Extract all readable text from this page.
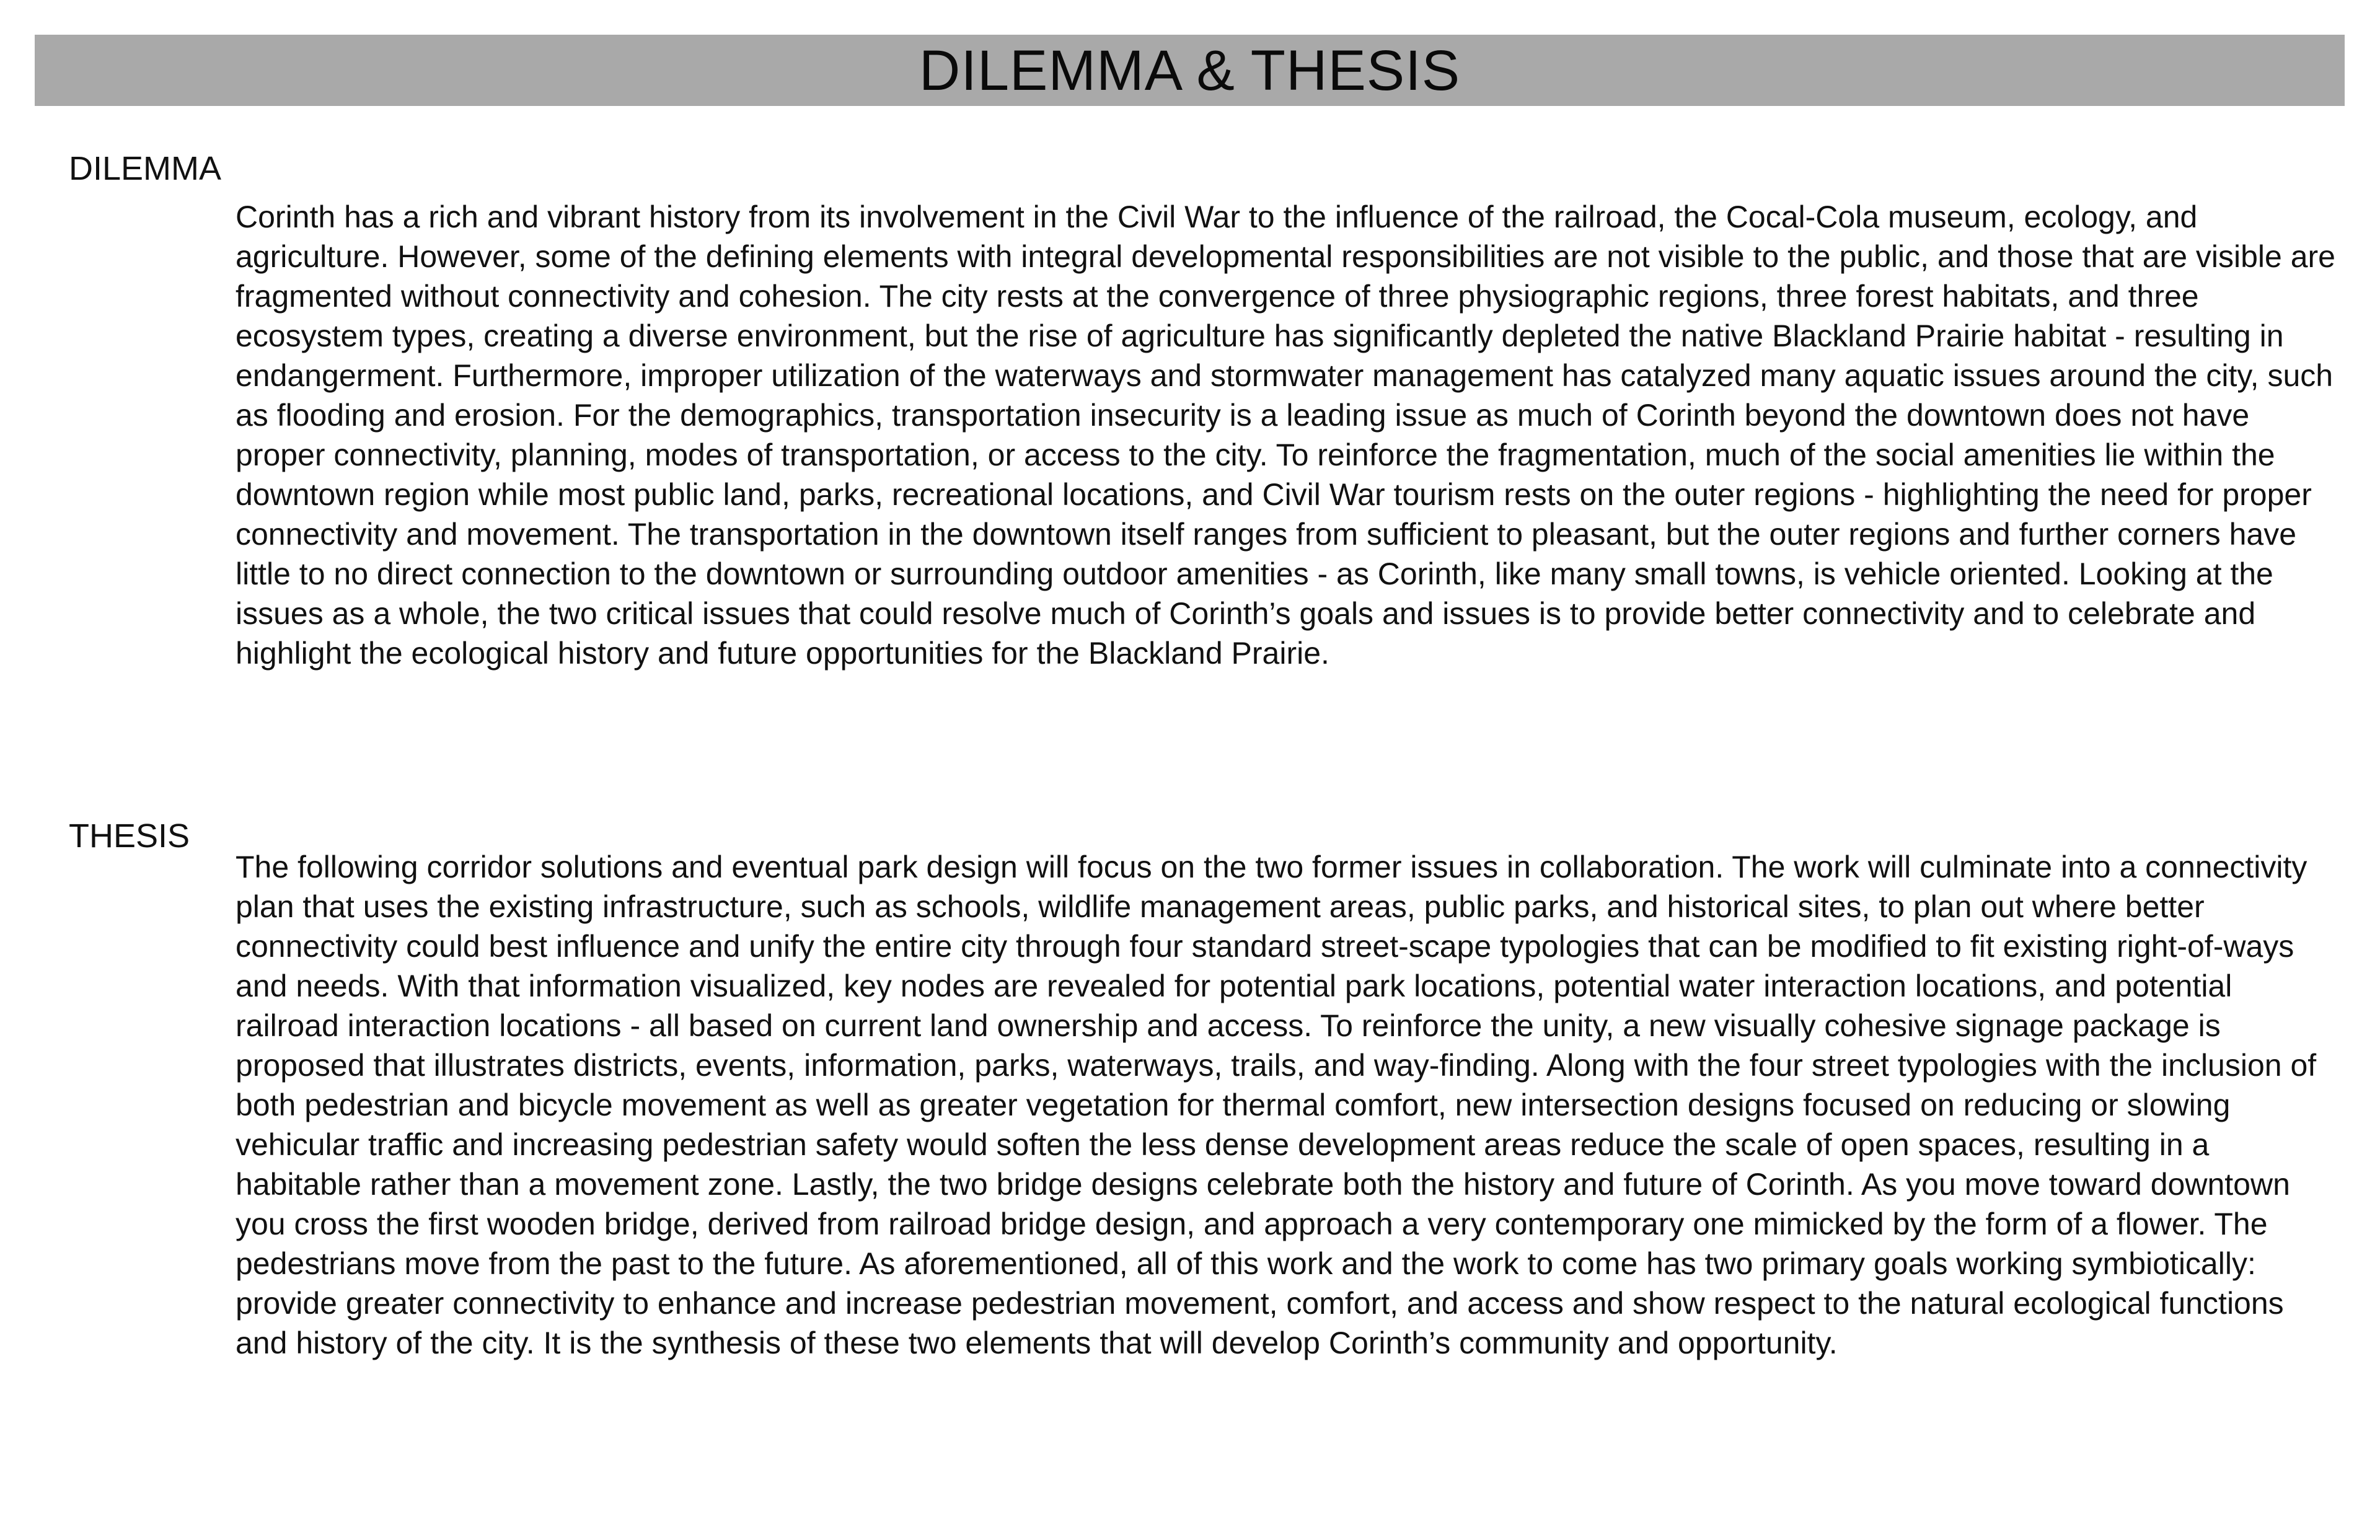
DILEMMA & THESIS
DILEMMA

Corinth has a rich and vibrant history from its involvement in the Civil War to the influence of the railroad, the Cocal-Cola museum, ecology, and agriculture. However, some of the defining elements with integral developmental responsibilities are not visible to the public, and those that are visible are fragmented without connectivity and cohesion. The city rests at the convergence of three physiographic regions, three forest habitats, and three ecosystem types, creating a diverse environment, but the rise of agriculture has significantly depleted the native Blackland Prairie habitat - resulting in endangerment. Furthermore, improper utilization of the waterways and stormwater management has catalyzed many aquatic issues around the city, such as flooding and erosion. For the demographics, transportation insecurity is a leading issue as much of Corinth beyond the downtown does not have proper connectivity, planning, modes of transportation, or access to the city. To reinforce the fragmentation, much of the social amenities lie within the downtown region while most public land, parks, recreational locations, and Civil War tourism rests on the outer regions - highlighting the need for proper connectivity and movement. The transportation in the downtown itself ranges from sufficient to pleasant, but the outer regions and further corners have little to no direct connection to the downtown or surrounding outdoor amenities - as Corinth, like many small towns, is vehicle oriented. Looking at the issues as a whole, the two critical issues that could resolve much of Corinth’s goals and issues is to provide better connectivity and to celebrate and highlight the ecological history and future opportunities for the Blackland Prairie.

THESIS

The following corridor solutions and eventual park design will focus on the two former issues in collaboration. The work will culminate into a connectivity plan that uses the existing infrastructure, such as schools, wildlife management areas, public parks, and historical sites, to plan out where better connectivity could best influence and unify the entire city through four standard street-scape typologies that can be modified to fit existing right-of-ways and needs. With that information visualized, key nodes are revealed for potential park locations, potential water interaction locations, and potential railroad interaction locations - all based on current land ownership and access. To reinforce the unity, a new visually cohesive signage package is proposed that illustrates districts, events, information, parks, waterways, trails, and way-finding. Along with the four street typologies with the inclusion of both pedestrian and bicycle movement as well as greater vegetation for thermal comfort, new intersection designs focused on reducing or slowing vehicular traffic and increasing pedestrian safety would soften the less dense development areas reduce the scale of open spaces, resulting in a habitable rather than a movement zone. Lastly, the two bridge designs celebrate both the history and future of Corinth. As you move toward downtown you cross the first wooden bridge, derived from railroad bridge design, and approach a very contemporary one mimicked by the form of a flower. The pedestrians move from the past to the future. As aforementioned, all of this work and the work to come has two primary goals working symbiotically: provide greater connectivity to enhance and increase pedestrian movement, comfort, and access and show respect to the natural ecological functions and history of the city. It is the synthesis of these two elements that will develop Corinth’s community and opportunity.
